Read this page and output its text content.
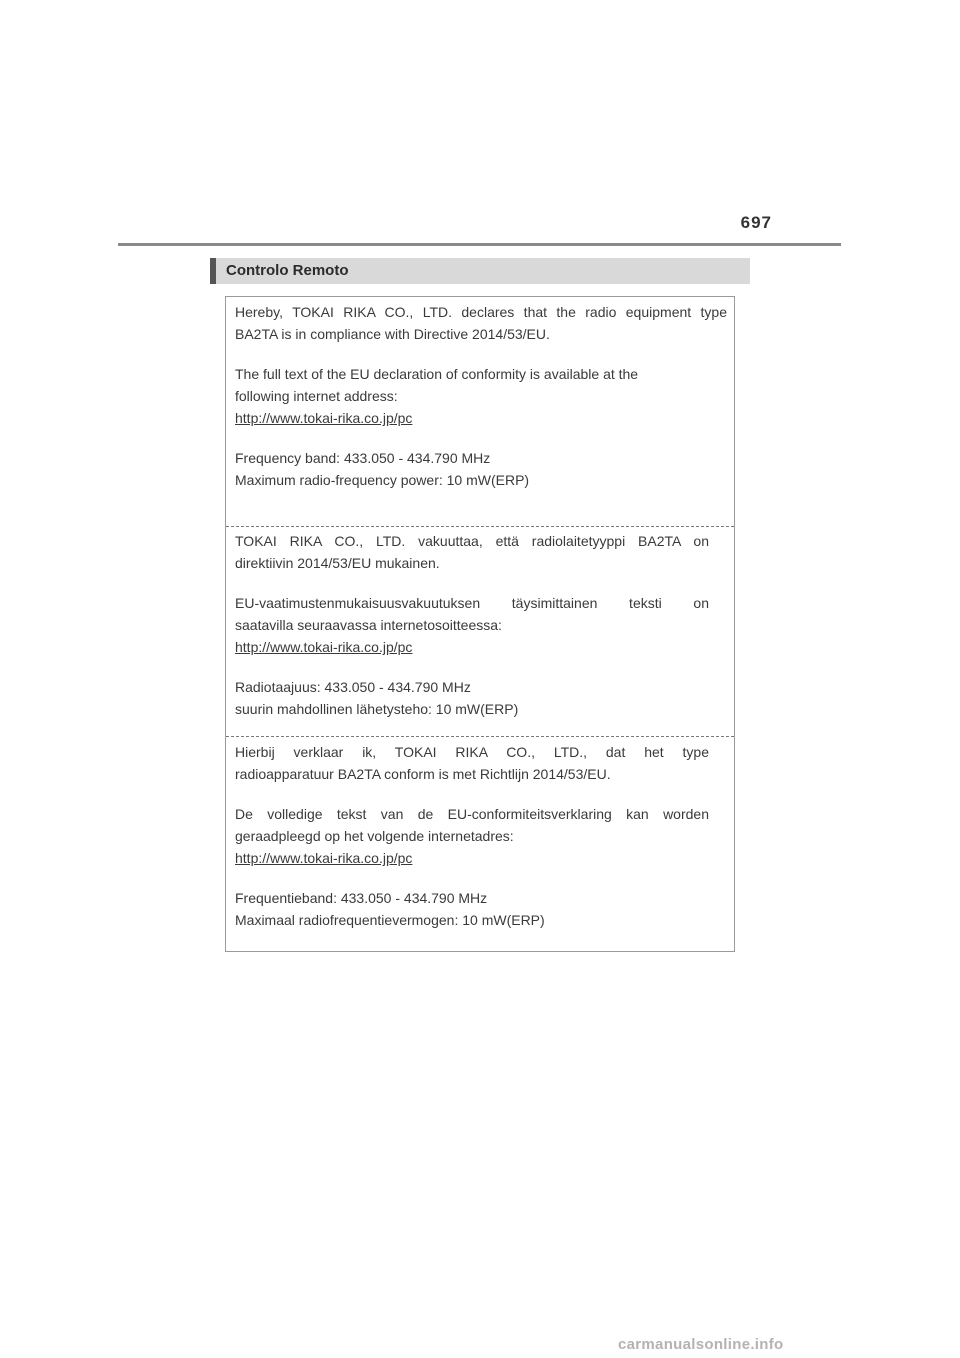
697
Controlo Remoto
Hereby, TOKAI RIKA CO., LTD. declares that the radio equipment type
BA2TA is in compliance with Directive 2014/53/EU.
The full text of the EU declaration of conformity is available at the
following internet address:
http://www.tokai-rika.co.jp/pc
Frequency band: 433.050 - 434.790 MHz
Maximum radio-frequency power: 10 mW(ERP)
TOKAI RIKA CO., LTD. vakuuttaa, että radiolaitetyyppi BA2TA on
direktiivin 2014/53/EU mukainen.
EU-vaatimustenmukaisuusvakuutuksen täysimittainen teksti on
saatavilla seuraavassa internetosoitteessa:
http://www.tokai-rika.co.jp/pc
Radiotaajuus: 433.050 - 434.790 MHz
suurin mahdollinen lähetysteho: 10 mW(ERP)
Hierbij verklaar ik, TOKAI RIKA CO., LTD., dat het type
radioapparatuur BA2TA conform is met Richtlijn 2014/53/EU.
De volledige tekst van de EU-conformiteitsverklaring kan worden
geraadpleegd op het volgende internetadres:
http://www.tokai-rika.co.jp/pc
Frequentieband: 433.050 - 434.790 MHz
Maximaal radiofrequentievermogen: 10 mW(ERP)
carmanualsonline.info
